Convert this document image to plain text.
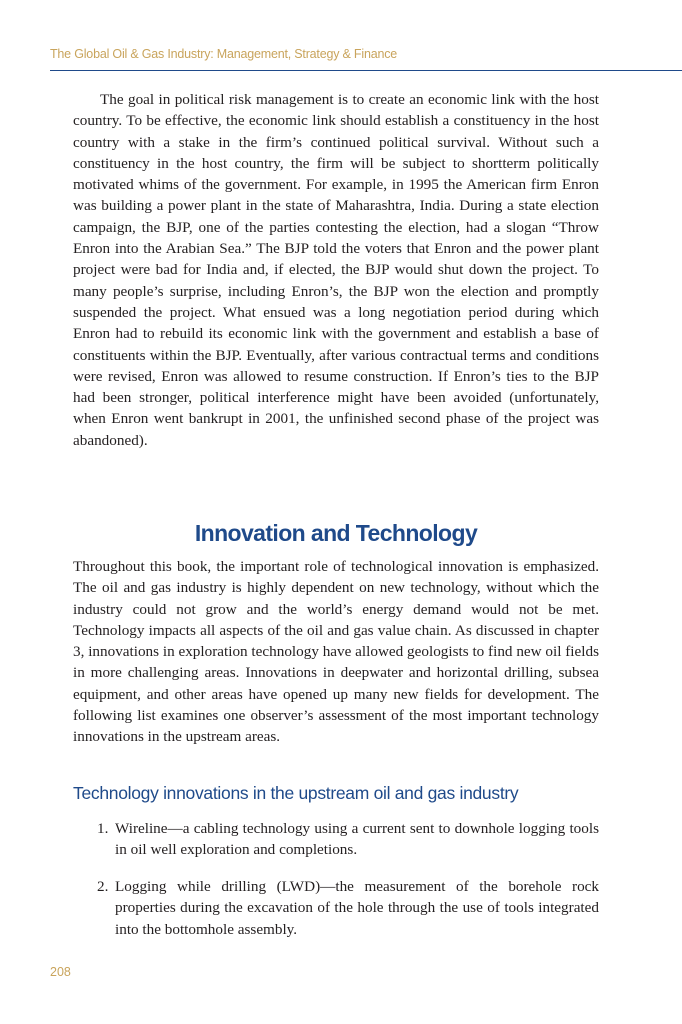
The Global Oil & Gas Industry: Management, Strategy & Finance

The goal in political risk management is to create an economic link with the host country. To be effective, the economic link should establish a constituency in the host country with a stake in the firm’s continued political survival. Without such a constituency in the host country, the firm will be subject to shortterm politically motivated whims of the government. For example, in 1995 the American firm Enron was building a power plant in the state of Maharashtra, India. During a state election campaign, the BJP, one of the parties contesting the election, had a slogan “Throw Enron into the Arabian Sea.” The BJP told the voters that Enron and the power plant project were bad for India and, if elected, the BJP would shut down the project. To many people’s surprise, including Enron’s, the BJP won the election and promptly suspended the project. What ensued was a long negotiation period during which Enron had to rebuild its economic link with the government and establish a base of constituents within the BJP. Eventually, after various contractual terms and conditions were revised, Enron was allowed to resume construction. If Enron’s ties to the BJP had been stronger, political interference might have been avoided (unfortunately, when Enron went bankrupt in 2001, the unfinished second phase of the project was abandoned).

Innovation and Technology

Throughout this book, the important role of technological innovation is emphasized. The oil and gas industry is highly dependent on new technology, without which the industry could not grow and the world’s energy demand would not be met. Technology impacts all aspects of the oil and gas value chain. As discussed in chapter 3, innovations in exploration technology have allowed geologists to find new oil fields in more challenging areas. Innovations in deepwater and horizontal drilling, subsea equipment, and other areas have opened up many new fields for development. The following list examines one observer’s assessment of the most important technology innovations in the upstream areas.

Technology innovations in the upstream oil and gas industry
1. Wireline—a cabling technology using a current sent to downhole logging tools in oil well exploration and completions.
2. Logging while drilling (LWD)—the measurement of the borehole rock properties during the excavation of the hole through the use of tools integrated into the bottomhole assembly.
208
